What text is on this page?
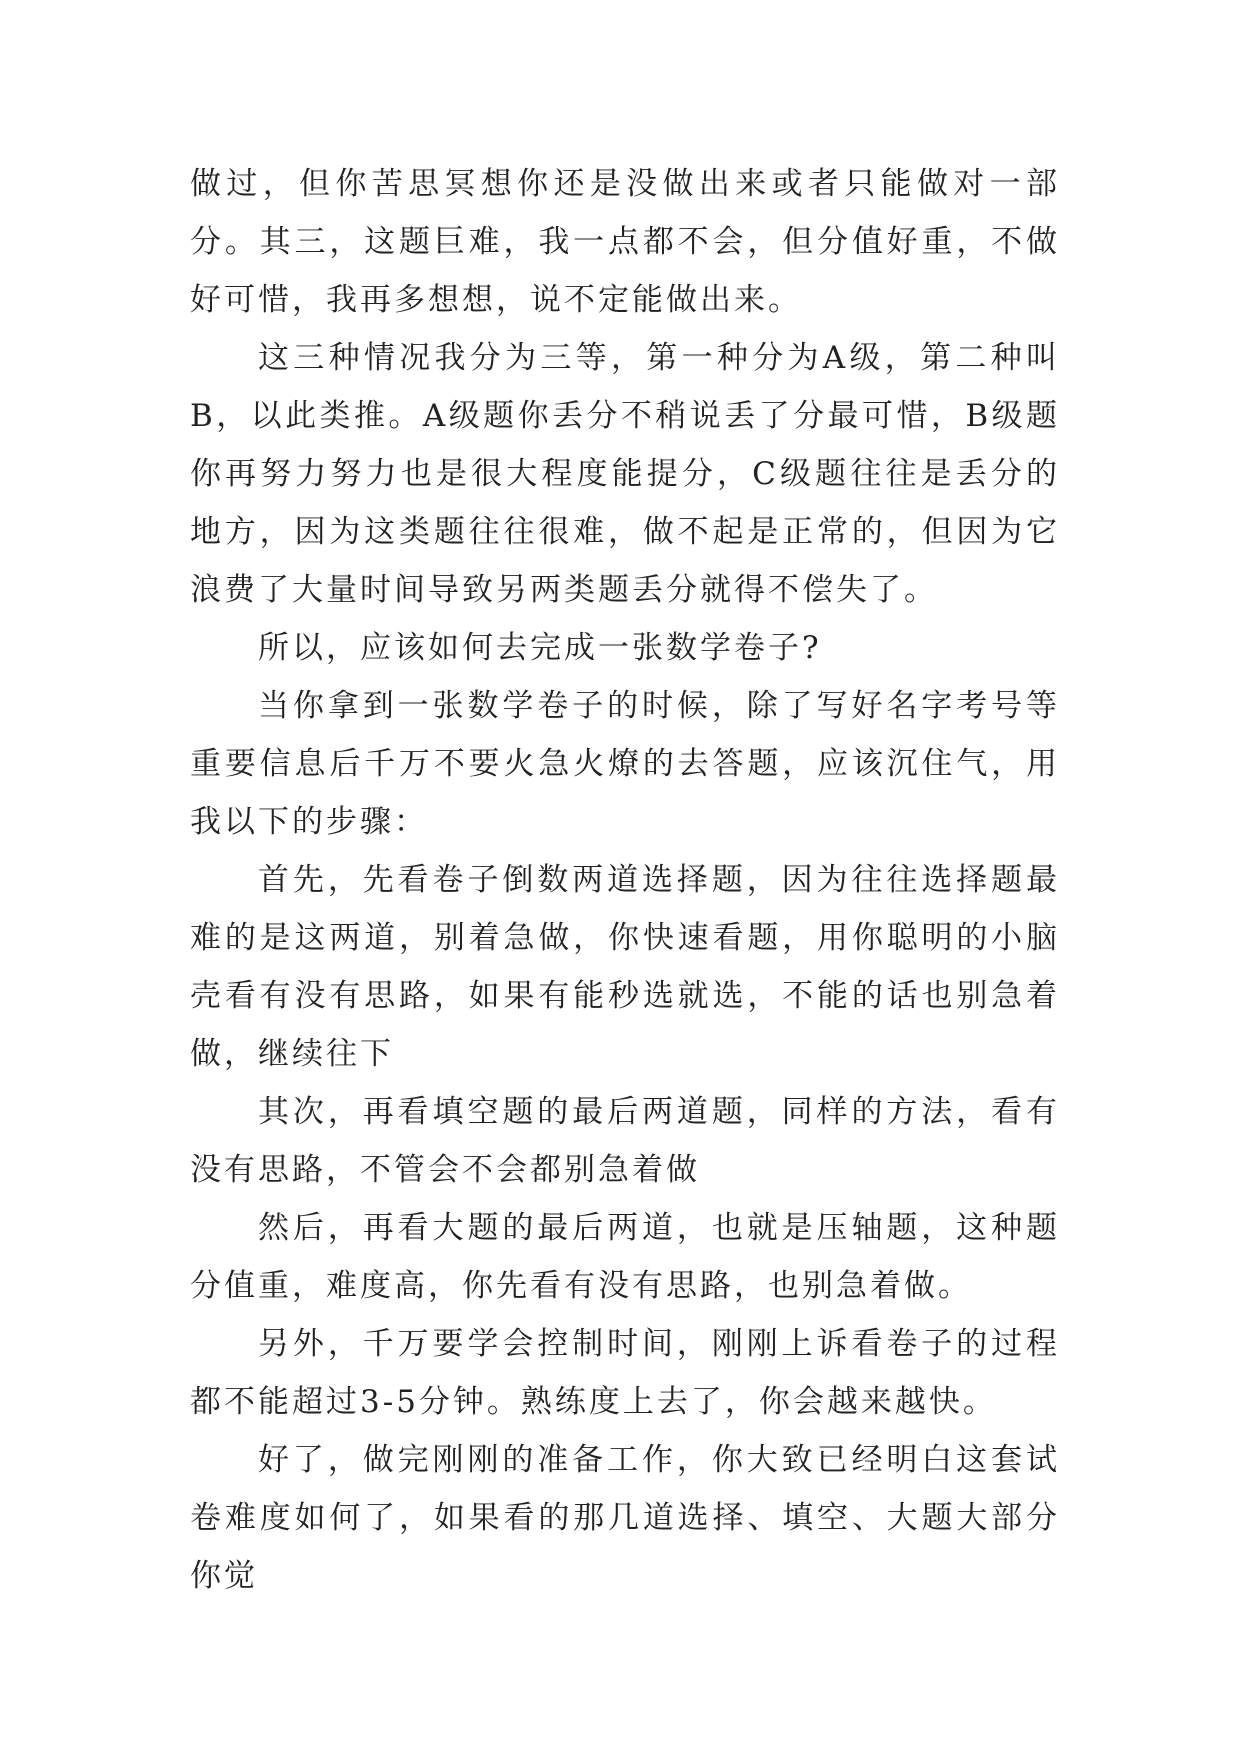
做过，但你苦思冥想你还是没做出来或者只能做对一部分。其三，这题巨难，我一点都不会，但分值好重，不做好可惜，我再多想想，说不定能做出来。

这三种情况我分为三等，第一种分为A级，第二种叫B，以此类推。A级题你丢分不稍说丢了分最可惜，B级题你再努力努力也是很大程度能提分，C级题往往是丢分的地方，因为这类题往往很难，做不起是正常的，但因为它浪费了大量时间导致另两类题丢分就得不偿失了。

所以，应该如何去完成一张数学卷子?

当你拿到一张数学卷子的时候，除了写好名字考号等重要信息后千万不要火急火燎的去答题，应该沉住气，用我以下的步骤：

首先，先看卷子倒数两道选择题，因为往往选择题最难的是这两道，别着急做，你快速看题，用你聪明的小脑壳看有没有思路，如果有能秒选就选，不能的话也别急着做，继续往下

其次，再看填空题的最后两道题，同样的方法，看有没有思路，不管会不会都别急着做

然后，再看大题的最后两道，也就是压轴题，这种题分值重，难度高，你先看有没有思路，也别急着做。

另外，千万要学会控制时间，刚刚上诉看卷子的过程都不能超过3-5分钟。熟练度上去了，你会越来越快。

好了，做完刚刚的准备工作，你大致已经明白这套试卷难度如何了，如果看的那几道选择、填空、大题大部分你觉
